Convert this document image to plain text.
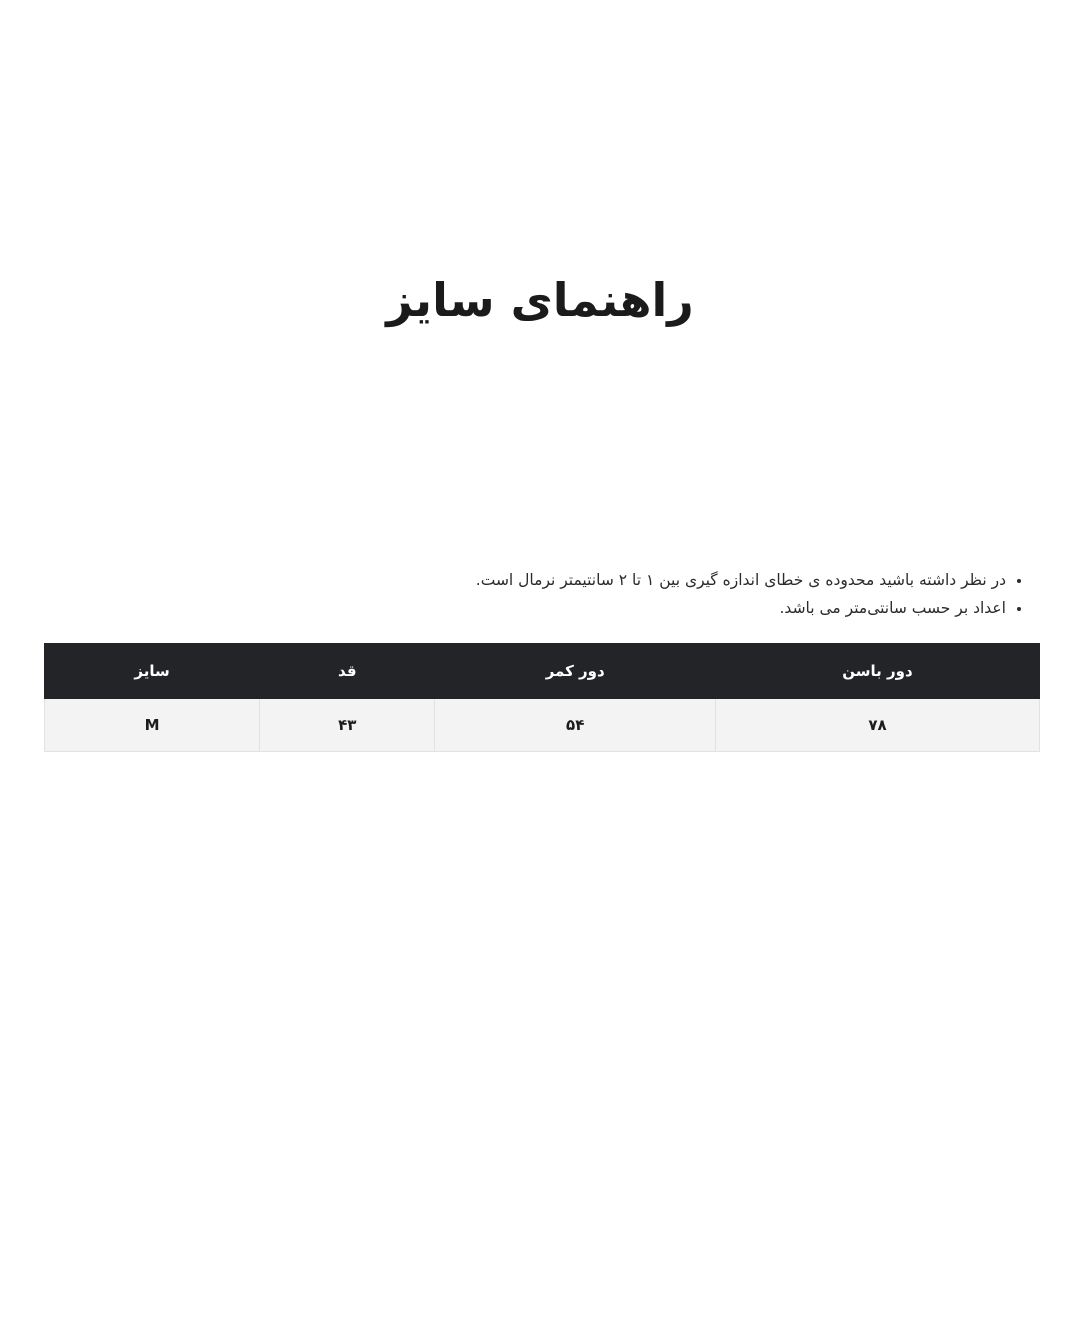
راهنمای سایز
• در نظر داشته باشید محدوده ی خطای اندازه گیری بین ۱ تا ۲ سانتیمتر نرمال است.
• اعداد بر حسب سانتی‌متر می باشد.
دور باسن	دور کمر	قد	سایز
۷۸	۵۴	۴۳	M
